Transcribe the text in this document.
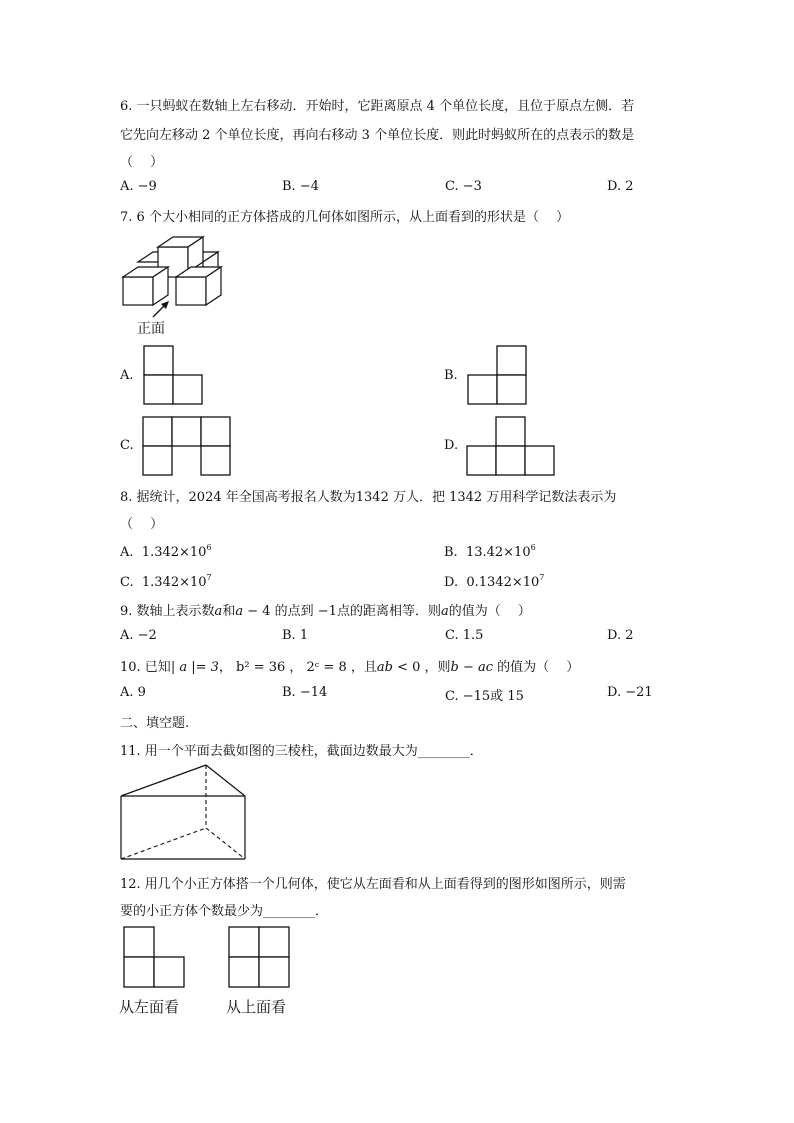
6. 一只蚂蚁在数轴上左右移动．开始时，它距离原点 4 个单位长度，且位于原点左侧．若
它先向左移动 2 个单位长度，再向右移动 3 个单位长度．则此时蚂蚁所在的点表示的数是
（　 ）
A. −9	B. −4	C. −3	D. 2
7. 6 个大小相同的正方体搭成的几何体如图所示，从上面看到的形状是（　 ）
正面
A.	B.
C.	D.
8. 据统计，2024 年全国高考报名人数为1342 万人．把 1342 万用科学记数法表示为
（　 ）
A. $1.342\times 10^6$	B. $13.42\times 10^6$
C. $1.342\times 10^7$	D. $0.1342\times 10^7$
9. 数轴上表示数a和a − 4 的点到 −1点的距离相等．则a的值为（　 ）
A. −2	B. 1	C. 1.5	D. 2
10. 已知| a |= 3， b² = 36 ， 2ᶜ = 8 ，且ab < 0 ，则b − ac 的值为（　 ）
A. 9	B. −14	C. −15或 15	D. −21
二、填空题.
11. 用一个平面去截如图的三棱柱，截面边数最大为________．
12. 用几个小正方体搭一个几何体，使它从左面看和从上面看得到的图形如图所示，则需
要的小正方体个数最少为________．
从左面看	从上面看
